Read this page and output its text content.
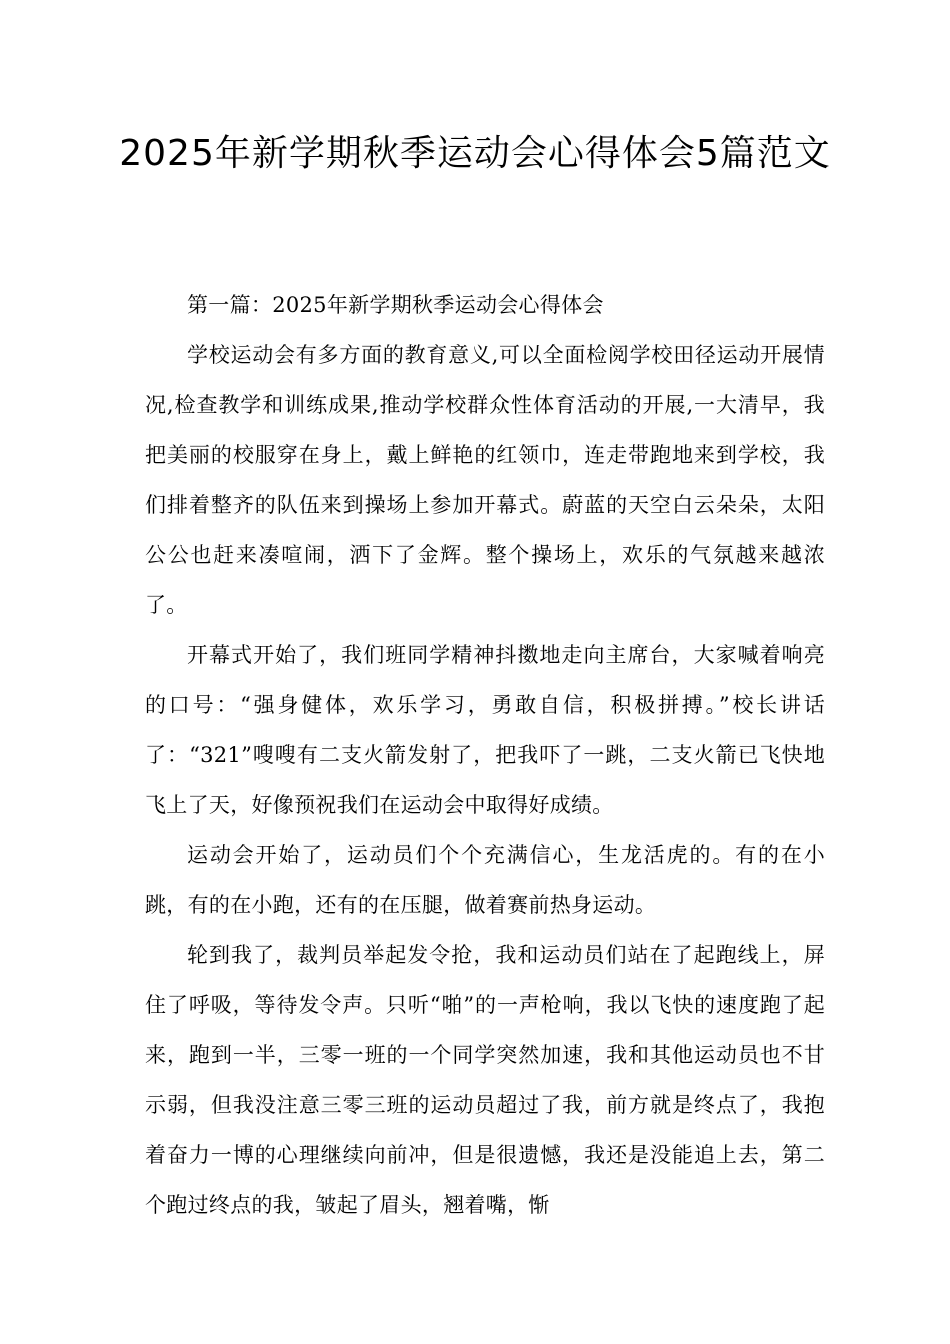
2025年新学期秋季运动会心得体会5篇范文

第一篇：2025年新学期秋季运动会心得体会

学校运动会有多方面的教育意义,可以全面检阅学校田径运动开展情况,检查教学和训练成果,推动学校群众性体育活动的开展,一大清早，我把美丽的校服穿在身上，戴上鲜艳的红领巾，连走带跑地来到学校，我们排着整齐的队伍来到操场上参加开幕式。蔚蓝的天空白云朵朵，太阳公公也赶来凑喧闹，洒下了金辉。整个操场上，欢乐的气氛越来越浓了。

开幕式开始了，我们班同学精神抖擞地走向主席台，大家喊着响亮的口号：“强身健体，欢乐学习，勇敢自信，积极拼搏。”校长讲话了：“321”嗖嗖有二支火箭发射了，把我吓了一跳，二支火箭已飞快地飞上了天，好像预祝我们在运动会中取得好成绩。

运动会开始了，运动员们个个充满信心，生龙活虎的。有的在小跳，有的在小跑，还有的在压腿，做着赛前热身运动。

轮到我了，裁判员举起发令抢，我和运动员们站在了起跑线上，屏住了呼吸，等待发令声。只听“啪”的一声枪响，我以飞快的速度跑了起来，跑到一半，三零一班的一个同学突然加速，我和其他运动员也不甘示弱，但我没注意三零三班的运动员超过了我，前方就是终点了，我抱着奋力一博的心理继续向前冲，但是很遗憾，我还是没能追上去，第二个跑过终点的我，皱起了眉头，翘着嘴，惭
